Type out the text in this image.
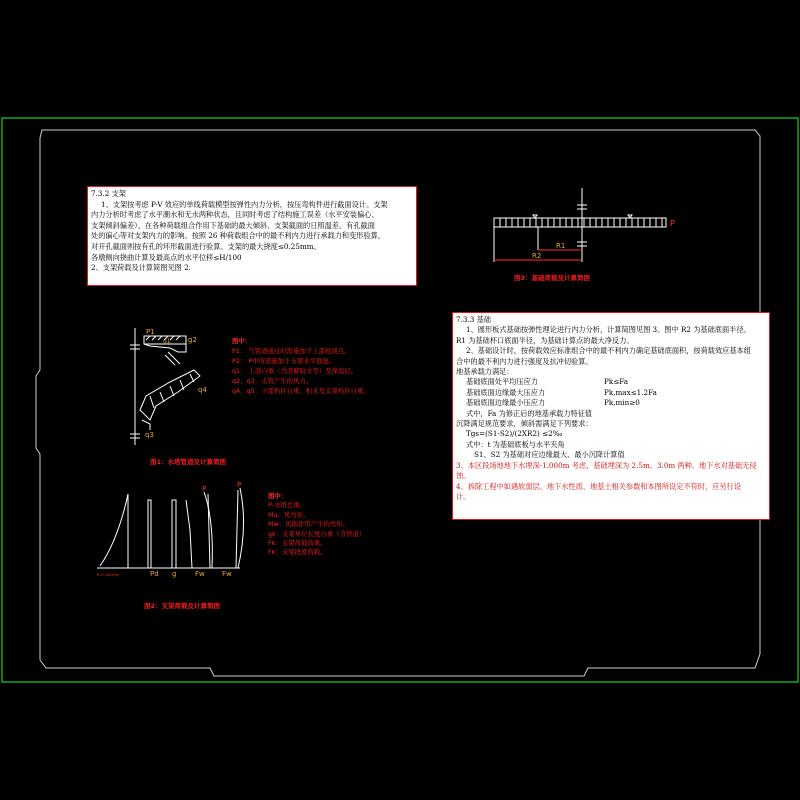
P1
g2
q1
q4
q3
P	P
R=0.05(kPa)	Pd g	Fw Fw
P
R1
R2

7.3.2 支架

1、支架按考虑 P-V 效应的单线荷载模型按弹性内力分析，按压弯构件进行截面设计。支架

内力分析时考虑了水平潮水和无水两种状态，且同时考虑了结构施工误差（水平安装偏心、

支架倾斜偏差）、在各种荷载组合作用下基础的最大倾斜、支架截面的日照温差、有孔截面

处的偏心等对支架内力的影响。按照 26 种荷载组合中的最不利内力进行承载力和变形验算，

对开孔截面则按有孔的环形截面进行验算。支架的最大挠度≤0.25mm。

各墩侧向挠曲计算及最高点的水平位移≤H/100

2、支架荷载及计算简图见图 2.

7.3.3 基础

1、圆形板式基础按弹性理论进行内力分析，计算简图见图 3。图中 R2 为基础底面半径。

R1 为基础杯口底面半径，为基础计算点的最大净反力。

2、基础设计时，按荷载效应标准组合中的最不利内力确定基础底面积，按荷载效应基本组

合中的最不利内力进行强度及抗冲切验算。

地基承载力满足：

基础底面处平均压应力	Pk≤Fa
基础底面边缘最大压应力	Pk,max≤1.2Fa
基础底面边缘最小压应力	Pk,min≥0

式中，Fa 为修正后的地基承载力特征值

沉降满足规范要求，倾斜需满足下列要求：

Tgs=(S1-S2)/(2XR2) ≤2‰

式中：t 为基础底板与水平夹角

S1、S2 为基础对应边缘最大、最小沉降计算值

3、本区段场地地下水埋深-1.000m 考虑，基础埋深为 2.5m、3.0m 两种。地下水对基础无侵

蚀。

4、拆除工程中如遇软弱层、地下水性质、地基土相关参数和本图所设定不符时，应另行设

计。

图中：
P1： 气管道通过时需施加于上部柱顶点。
P2： P中所需施加于支架水平底座。
q1： 上部自重（含溶解胶水等）及保温层。
q2、q3：支管产生的风力。
q4、q5：下部构件自重、积水及支架构件自重。
图1：水塔管道及计算简图
图中：
P-水塔总重。
Mu：风弯矩。
Mw：风振作用产生的弯矩。
gk：支架单位长度自重（含管道）
Fk：支架荷载荷重。
Fk：支架挠度荷载。
图2：支架荷载及计算简图
图3：基础荷载及计算简图
